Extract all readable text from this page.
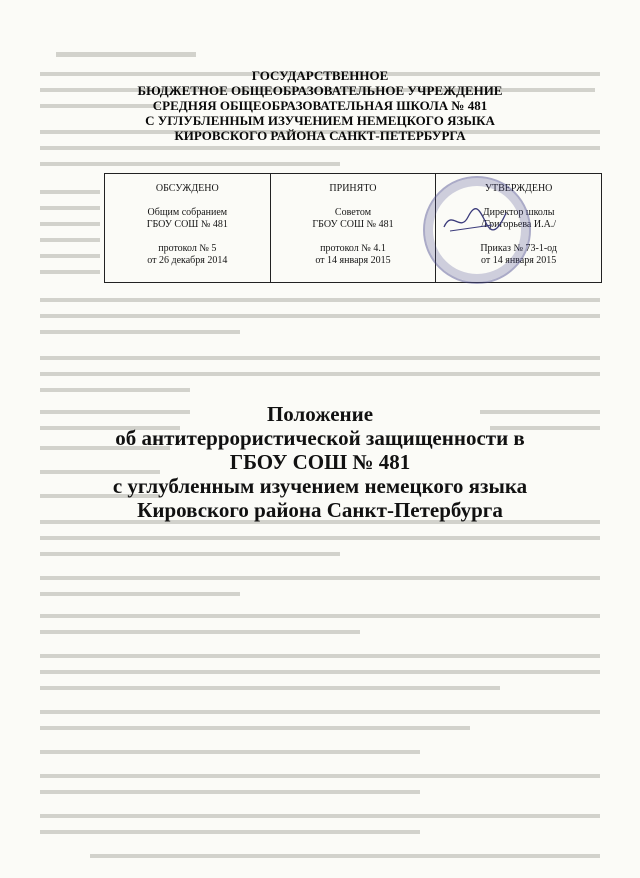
ГОСУДАРСТВЕННОЕ
БЮДЖЕТНОЕ ОБЩЕОБРАЗОВАТЕЛЬНОЕ УЧРЕЖДЕНИЕ
СРЕДНЯЯ ОБЩЕОБРАЗОВАТЕЛЬНАЯ ШКОЛА № 481
С УГЛУБЛЕННЫМ ИЗУЧЕНИЕМ НЕМЕЦКОГО ЯЗЫКА
КИРОВСКОГО РАЙОНА САНКТ-ПЕТЕРБУРГА
ОБСУЖДЕНО
Общим собранием
ГБОУ СОШ № 481
протокол № 5
от 26 декабря 2014

ПРИНЯТО
Советом
ГБОУ СОШ № 481
протокол № 4.1
от 14 января 2015

УТВЕРЖДЕНО
Директор школы
/Григорьева И.А./
Приказ № 73-1-од
от 14 января 2015
Положение
об антитеррористической защищенности в
ГБОУ СОШ № 481
с углубленным изучением немецкого языка
Кировского района Санкт-Петербурга
